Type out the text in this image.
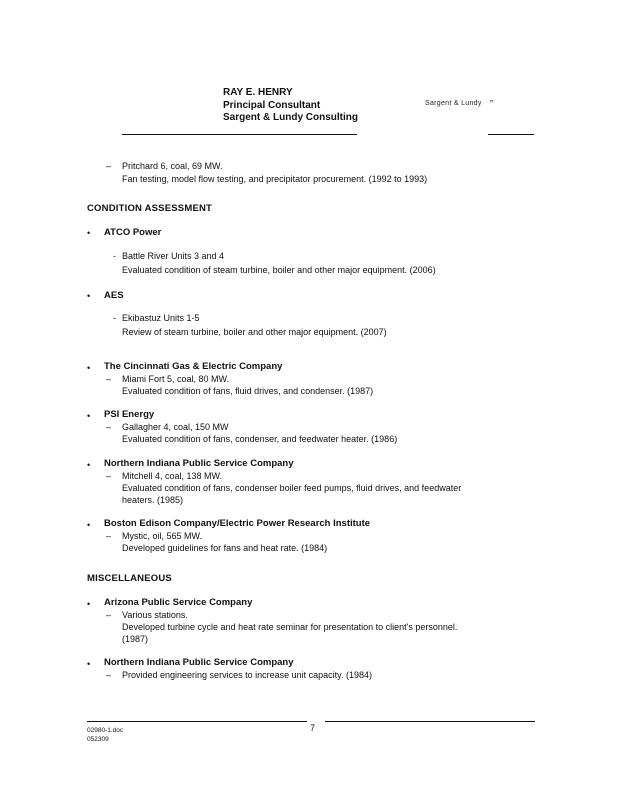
RAY E. HENRY
Principal Consultant
Sargent & Lundy Consulting
Sargent & Lundy ꟸ
– Pritchard 6, coal, 69 MW.
Fan testing, model flow testing, and precipitator procurement. (1992 to 1993)
CONDITION ASSESSMENT
• ATCO Power
- Battle River Units 3 and 4
Evaluated condition of steam turbine, boiler and other major equipment. (2006)
• AES
- Ekibastuz Units 1-5
Review of steam turbine, boiler and other major equipment. (2007)
• The Cincinnati Gas & Electric Company
– Miami Fort 5, coal, 80 MW.
Evaluated condition of fans, fluid drives, and condenser. (1987)
• PSI Energy
– Gallagher 4, coal, 150 MW
Evaluated condition of fans, condenser, and feedwater heater. (1986)
• Northern Indiana Public Service Company
– Mitchell 4, coal, 138 MW.
Evaluated condition of fans, condenser boiler feed pumps, fluid drives, and feedwater
heaters. (1985)
• Boston Edison Company/Electric Power Research Institute
– Mystic, oil, 565 MW.
Developed guidelines for fans and heat rate. (1984)
MISCELLANEOUS
• Arizona Public Service Company
– Various stations.
Developed turbine cycle and heat rate seminar for presentation to client's personnel.
(1987)
• Northern Indiana Public Service Company
– Provided engineering services to increase unit capacity. (1984)
7
02980-1.doc
052309
